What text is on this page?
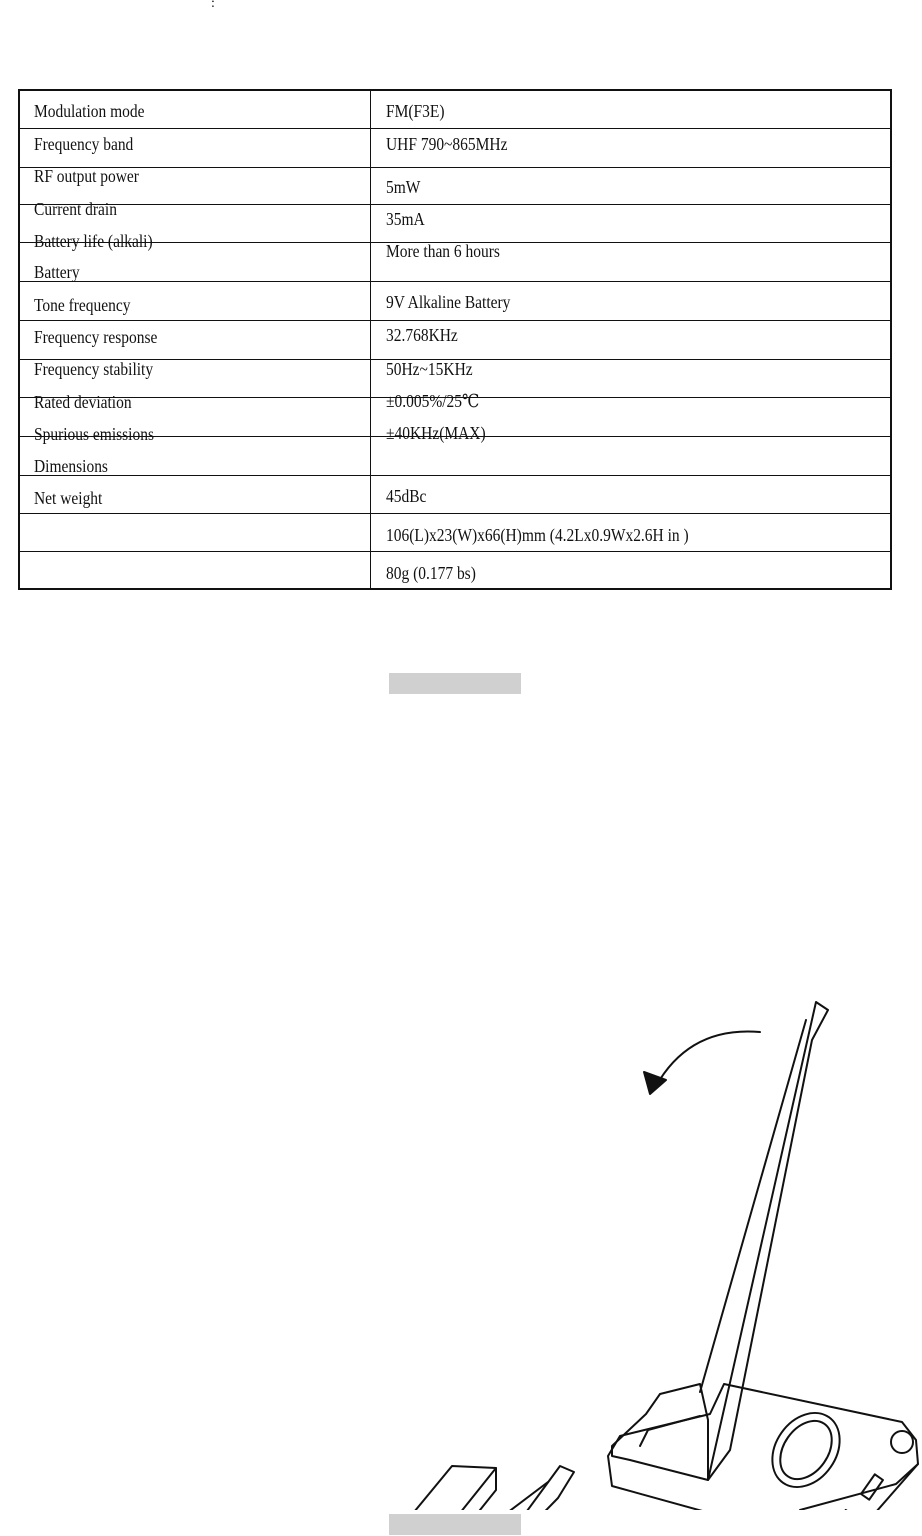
:
Modulation mode
Frequency band
RF output power
Current drain
Battery life (alkali)
Battery
Tone frequency
Frequency response
Frequency stability
Rated deviation
Spurious emissions
Dimensions
Net weight
FM(F3E)
UHF 790~865MHz
5mW
35mA
More than 6 hours
9V Alkaline Battery
32.768KHz
50Hz~15KHz
±0.005%/25℃
±40KHz(MAX)
45dBc
106(L)x23(W)x66(H)mm (4.2Lx0.9Wx2.6H in )
80g (0.177 bs)
